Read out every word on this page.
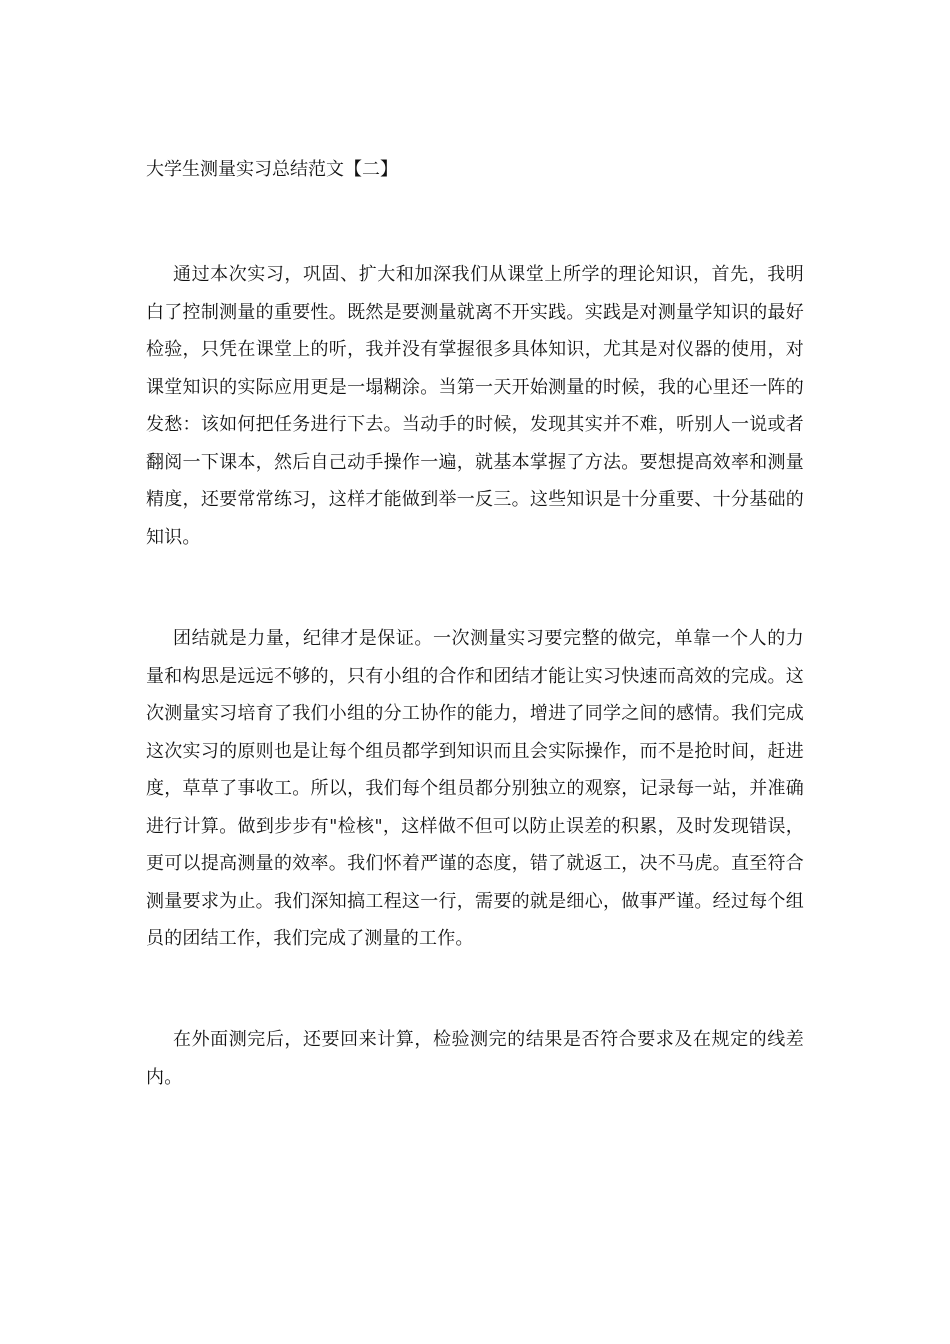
大学生测量实习总结范文【二】

通过本次实习，巩固、扩大和加深我们从课堂上所学的理论知识，首先，我明白了控制测量的重要性。既然是要测量就离不开实践。实践是对测量学知识的最好检验，只凭在课堂上的听，我并没有掌握很多具体知识，尤其是对仪器的使用，对课堂知识的实际应用更是一塌糊涂。当第一天开始测量的时候，我的心里还一阵的发愁：该如何把任务进行下去。当动手的时候，发现其实并不难，听别人一说或者翻阅一下课本，然后自己动手操作一遍，就基本掌握了方法。要想提高效率和测量精度，还要常常练习，这样才能做到举一反三。这些知识是十分重要、十分基础的知识。

团结就是力量，纪律才是保证。一次测量实习要完整的做完，单靠一个人的力量和构思是远远不够的，只有小组的合作和团结才能让实习快速而高效的完成。这次测量实习培育了我们小组的分工协作的能力，增进了同学之间的感情。我们完成这次实习的原则也是让每个组员都学到知识而且会实际操作，而不是抢时间，赶进度，草草了事收工。所以，我们每个组员都分别独立的观察，记录每一站，并准确进行计算。做到步步有"检核"，这样做不但可以防止误差的积累，及时发现错误，更可以提高测量的效率。我们怀着严谨的态度，错了就返工，决不马虎。直至符合测量要求为止。我们深知搞工程这一行，需要的就是细心，做事严谨。经过每个组员的团结工作，我们完成了测量的工作。

在外面测完后，还要回来计算，检验测完的结果是否符合要求及在规定的线差内。
